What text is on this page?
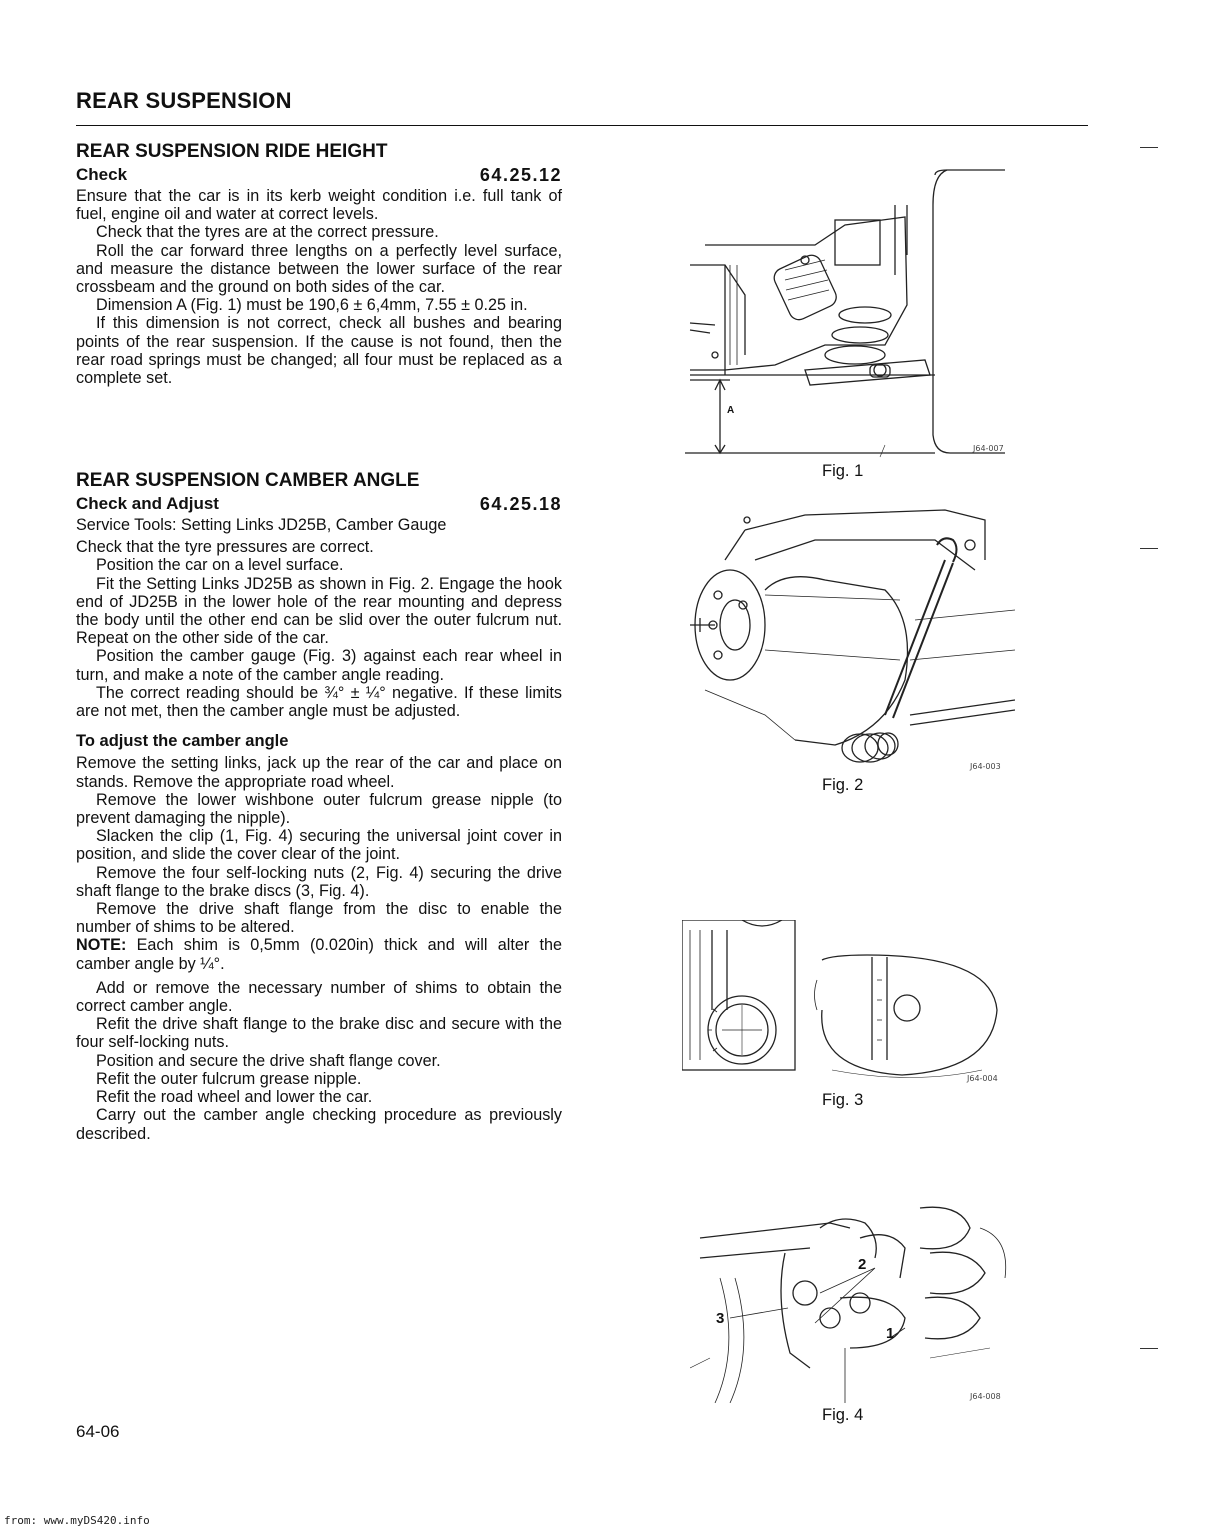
REAR SUSPENSION
REAR SUSPENSION RIDE HEIGHT
Check	64.25.12

Ensure that the car is in its kerb weight condition i.e. full tank of fuel, engine oil and water at correct levels.

Check that the tyres are at the correct pressure.

Roll the car forward three lengths on a perfectly level surface, and measure the distance between the lower surface of the rear crossbeam and the ground on both sides of the car.

Dimension A (Fig. 1) must be 190,6 ± 6,4mm, 7.55 ± 0.25 in.

If this dimension is not correct, check all bushes and bearing points of the rear suspension. If the cause is not found, then the rear road springs must be changed; all four must be replaced as a complete set.

REAR SUSPENSION CAMBER ANGLE
Check and Adjust	64.25.18

Service Tools: Setting Links JD25B, Camber Gauge

Check that the tyre pressures are correct.

Position the car on a level surface.

Fit the Setting Links JD25B as shown in Fig. 2. Engage the hook end of JD25B in the lower hole of the rear mounting and depress the body until the other end can be slid over the outer fulcrum nut. Repeat on the other side of the car.

Position the camber gauge (Fig. 3) against each rear wheel in turn, and make a note of the camber angle reading.

The correct reading should be ¾° ± ¼° negative. If these limits are not met, then the camber angle must be adjusted.

To adjust the camber angle

Remove the setting links, jack up the rear of the car and place on stands. Remove the appropriate road wheel.

Remove the lower wishbone outer fulcrum grease nipple (to prevent damaging the nipple).

Slacken the clip (1, Fig. 4) securing the universal joint cover in position, and slide the cover clear of the joint.

Remove the four self-locking nuts (2, Fig. 4) securing the drive shaft flange to the brake discs (3, Fig. 4).

Remove the drive shaft flange from the disc to enable the number of shims to be altered.

NOTE: Each shim is 0,5mm (0.020in) thick and will alter the camber angle by ¼°.

Add or remove the necessary number of shims to obtain the correct camber angle.

Refit the drive shaft flange to the brake disc and secure with the four self-locking nuts.

Position and secure the drive shaft flange cover.

Refit the outer fulcrum grease nipple.

Refit the road wheel and lower the car.

Carry out the camber angle checking procedure as previously described.

A
J64-007
Fig. 1
J64-003
Fig. 2
J64-004
Fig. 3
2
3
1
J64-008
Fig. 4
64-06
from: www.myDS420.info
